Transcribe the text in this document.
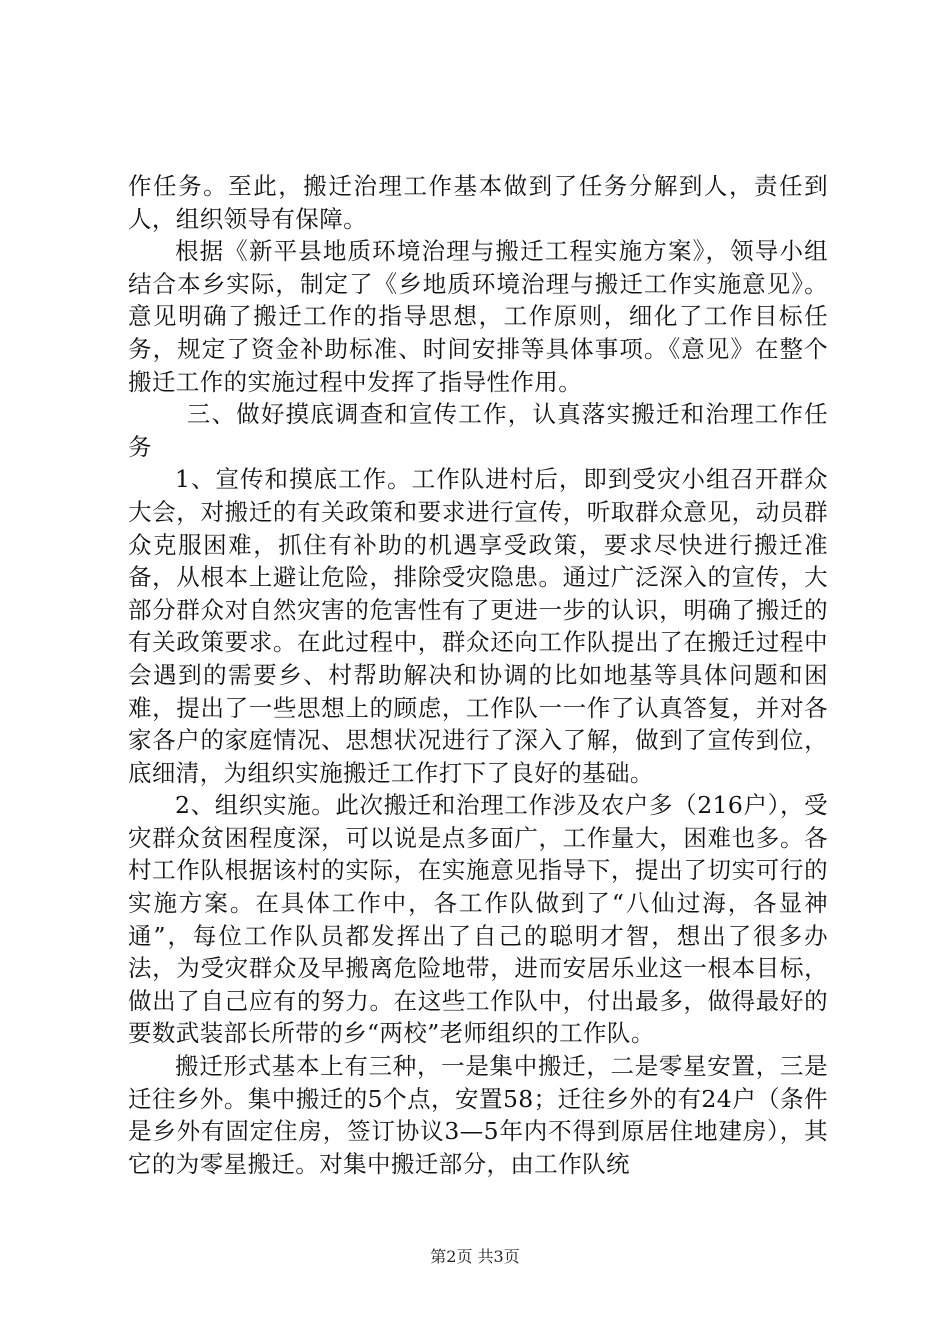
作任务。至此，搬迁治理工作基本做到了任务分解到人，责任到人，组织领导有保障。

根据《新平县地质环境治理与搬迁工程实施方案》，领导小组结合本乡实际，制定了《乡地质环境治理与搬迁工作实施意见》。意见明确了搬迁工作的指导思想，工作原则，细化了工作目标任务，规定了资金补助标准、时间安排等具体事项。《意见》在整个搬迁工作的实施过程中发挥了指导性作用。

三、做好摸底调查和宣传工作，认真落实搬迁和治理工作任务

1、宣传和摸底工作。工作队进村后，即到受灾小组召开群众大会，对搬迁的有关政策和要求进行宣传，听取群众意见，动员群众克服困难，抓住有补助的机遇享受政策，要求尽快进行搬迁准备，从根本上避让危险，排除受灾隐患。通过广泛深入的宣传，大部分群众对自然灾害的危害性有了更进一步的认识，明确了搬迁的有关政策要求。在此过程中，群众还向工作队提出了在搬迁过程中会遇到的需要乡、村帮助解决和协调的比如地基等具体问题和困难，提出了一些思想上的顾虑，工作队一一作了认真答复，并对各家各户的家庭情况、思想状况进行了深入了解，做到了宣传到位，底细清，为组织实施搬迁工作打下了良好的基础。

2、组织实施。此次搬迁和治理工作涉及农户多（216户），受灾群众贫困程度深，可以说是点多面广，工作量大，困难也多。各村工作队根据该村的实际，在实施意见指导下，提出了切实可行的实施方案。在具体工作中，各工作队做到了“八仙过海，各显神通”，每位工作队员都发挥出了自己的聪明才智，想出了很多办法，为受灾群众及早搬离危险地带，进而安居乐业这一根本目标，做出了自己应有的努力。在这些工作队中，付出最多，做得最好的要数武装部长所带的乡“两校”老师组织的工作队。

搬迁形式基本上有三种，一是集中搬迁，二是零星安置，三是迁往乡外。集中搬迁的5个点，安置58；迁往乡外的有24户（条件是乡外有固定住房，签订协议3—5年内不得到原居住地建房），其它的为零星搬迁。对集中搬迁部分，由工作队统

第2页 共3页
